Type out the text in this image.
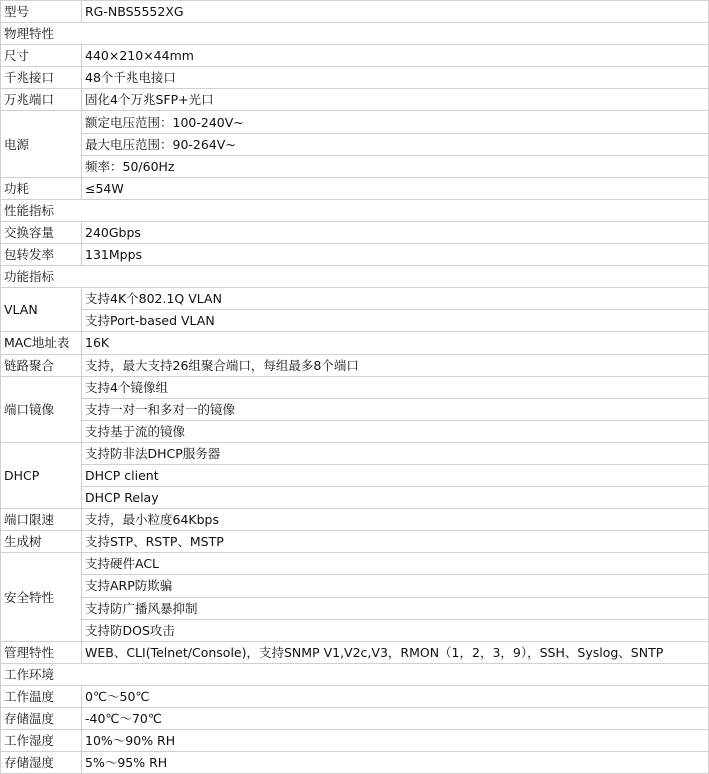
型号	RG-NBS5552XG
物理特性	
尺寸	440×210×44mm
千兆接口	48个千兆电接口
万兆端口	固化4个万兆SFP+光口
电源	额定电压范围：100-240V~
	最大电压范围：90-264V~
	频率：50/60Hz
功耗	≤54W
性能指标	
交换容量	240Gbps
包转发率	131Mpps
功能指标	
VLAN	支持4K个802.1Q VLAN
	支持Port-based VLAN
MAC地址表	16K
链路聚合	支持，最大支持26组聚合端口，每组最多8个端口
端口镜像	支持4个镜像组
	支持一对一和多对一的镜像
	支持基于流的镜像
DHCP	支持防非法DHCP服务器
	DHCP client
	DHCP Relay
端口限速	支持，最小粒度64Kbps
生成树	支持STP、RSTP、MSTP
安全特性	支持硬件ACL
	支持ARP防欺骗
	支持防广播风暴抑制
	支持防DOS攻击
管理特性	WEB、CLI(Telnet/Console)，支持SNMP V1,V2c,V3，RMON（1，2，3，9），SSH、Syslog、SNTP
工作环境	
工作温度	0℃～50℃
存储温度	-40℃～70℃
工作湿度	10%～90% RH
存储湿度	5%～95% RH
